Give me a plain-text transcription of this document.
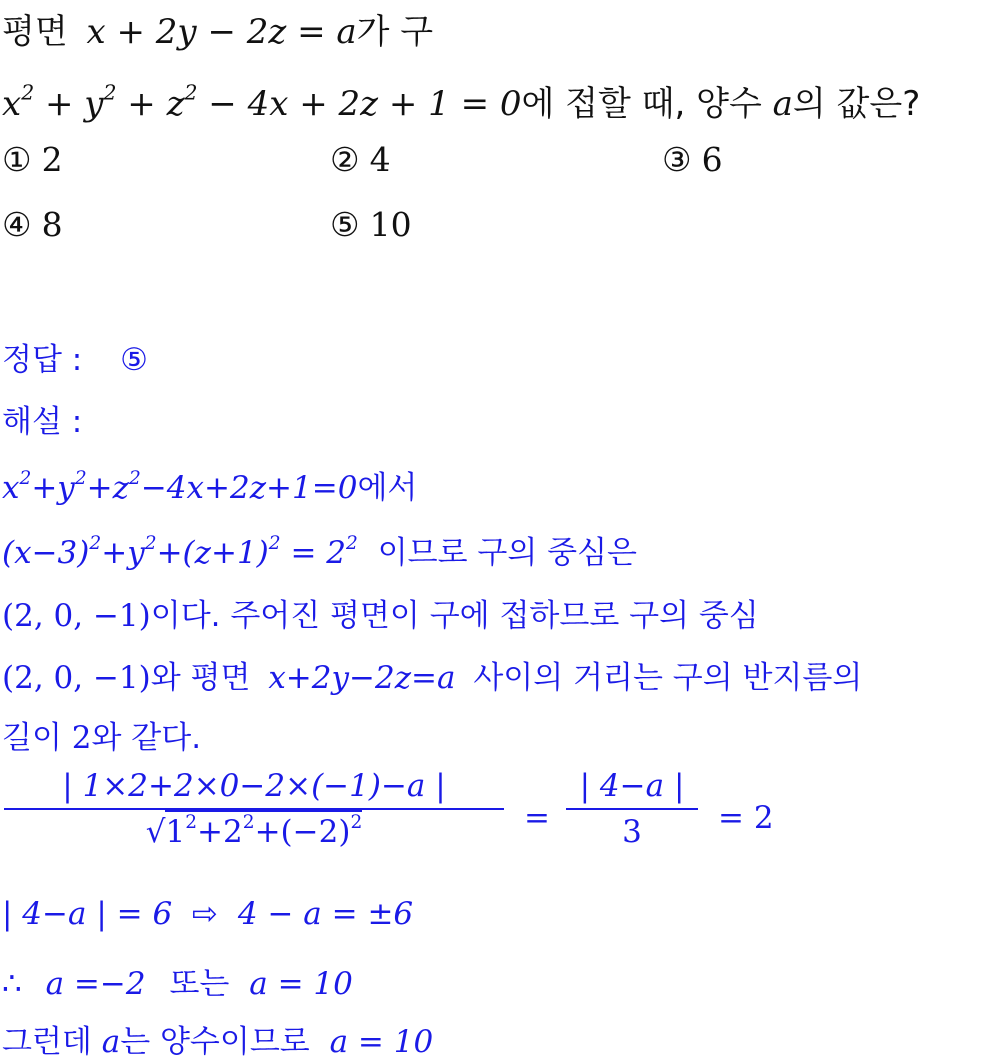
평면 x + 2y − 2z = a가 구
$x^2 + y^2 + z^2 - 4x + 2z + 1 = 0$에 접할 때, 양수 a의 값은?
① 2	② 4	③ 6
④ 8	⑤ 10
정답 : ⑤
해설 :
$x^2+y^2+z^2-4x+2z+1=0$에서
$(x-3)^2+y^2+(z+1)^2 = 2^2$ 이므로 구의 중심은
(2, 0, −1)이다. 주어진 평면이 구에 접하므로 구의 중심
(2, 0, −1)와 평면 x+2y−2z=a 사이의 거리는 구의 반지름의
길이 2와 같다.
| 1×2+2×0−2×(−1)−a |
$√1^2+2^2+(-2)^2$	=
| 4−a |
3	= 2
| 4−a | = 6 ⇨ 4 − a = ±6
∴ a =−2 또는 a = 10
그런데 a는 양수이므로 a = 10
